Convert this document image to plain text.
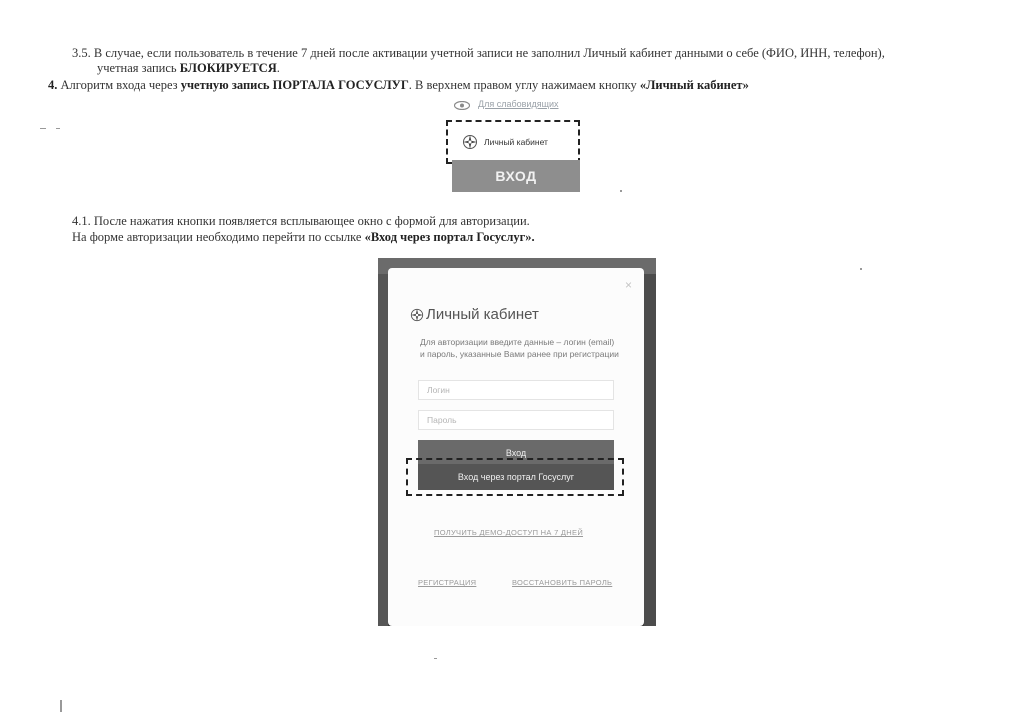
3.5. В случае, если пользователь в течение 7 дней после активации учетной записи не заполнил Личный кабинет данными о себе (ФИО, ИНН, телефон),
учетная запись БЛОКИРУЕТСЯ.
4. Алгоритм входа через учетную запись ПОРТАЛА ГОСУСЛУГ. В верхнем правом углу нажимаем кнопку «Личный кабинет»
Для слабовидящих
Личный кабинет
ВХОД
4.1. После нажатия кнопки появляется всплывающее окно с формой для авторизации.
На форме авторизации необходимо перейти по ссылке «Вход через портал Госуслуг».
×
Личный кабинет
Для авторизации введите данные – логин (email) и пароль, указанные Вами ранее при регистрации
Логин
Пароль
Вход
Вход через портал Госуслуг
ПОЛУЧИТЬ ДЕМО-ДОСТУП НА 7 ДНЕЙ
РЕГИСТРАЦИЯ	ВОССТАНОВИТЬ ПАРОЛЬ
